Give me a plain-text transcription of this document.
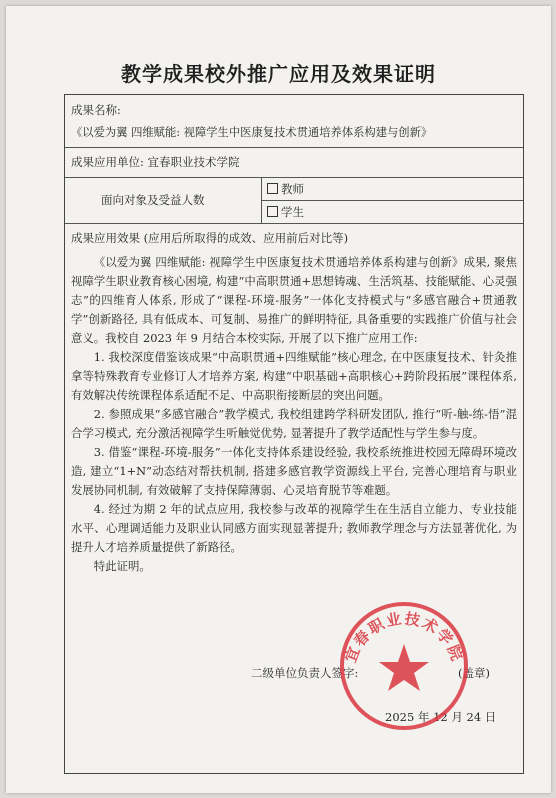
教学成果校外推广应用及效果证明
成果名称:
《以爱为翼 四维赋能: 视障学生中医康复技术贯通培养体系构建与创新》
成果应用单位: 宜春职业技术学院
面向对象及受益人数
教师
学生
成果应用效果 (应用后所取得的成效、应用前后对比等)

《以爱为翼 四维赋能: 视障学生中医康复技术贯通培养体系构建与创新》成果, 聚焦视障学生职业教育核心困境, 构建“中高职贯通+思想铸魂、生活筑基、技能赋能、心灵强志”的四维育人体系, 形成了“课程-环境-服务”一体化支持模式与“多感官融合+贯通教学”创新路径, 具有低成本、可复制、易推广的鲜明特征, 具备重要的实践推广价值与社会意义。我校自 2023 年 9 月结合本校实际, 开展了以下推广应用工作:

1. 我校深度借鉴该成果“中高职贯通+四维赋能”核心理念, 在中医康复技术、针灸推拿等特殊教育专业修订人才培养方案, 构建“中职基础+高职核心+跨阶段拓展”课程体系, 有效解决传统课程体系适配不足、中高职衔接断层的突出问题。

2. 参照成果“多感官融合”教学模式, 我校组建跨学科研发团队, 推行“听-触-练-悟”混合学习模式, 充分激活视障学生听触觉优势, 显著提升了教学适配性与学生参与度。

3. 借鉴“课程-环境-服务”一体化支持体系建设经验, 我校系统推进校园无障碍环境改造, 建立“1+N”动态结对帮扶机制, 搭建多感官教学资源线上平台, 完善心理培育与职业发展协同机制, 有效破解了支持保障薄弱、心灵培育脱节等难题。

4. 经过为期 2 年的试点应用, 我校参与改革的视障学生在生活自立能力、专业技能水平、心理调适能力及职业认同感方面实现显著提升; 教师教学理念与方法显著优化, 为提升人才培养质量提供了新路径。

特此证明。

二级单位负责人签字:	(盖章)
2025 年 12 月 24 日
宜春职业技术学院
